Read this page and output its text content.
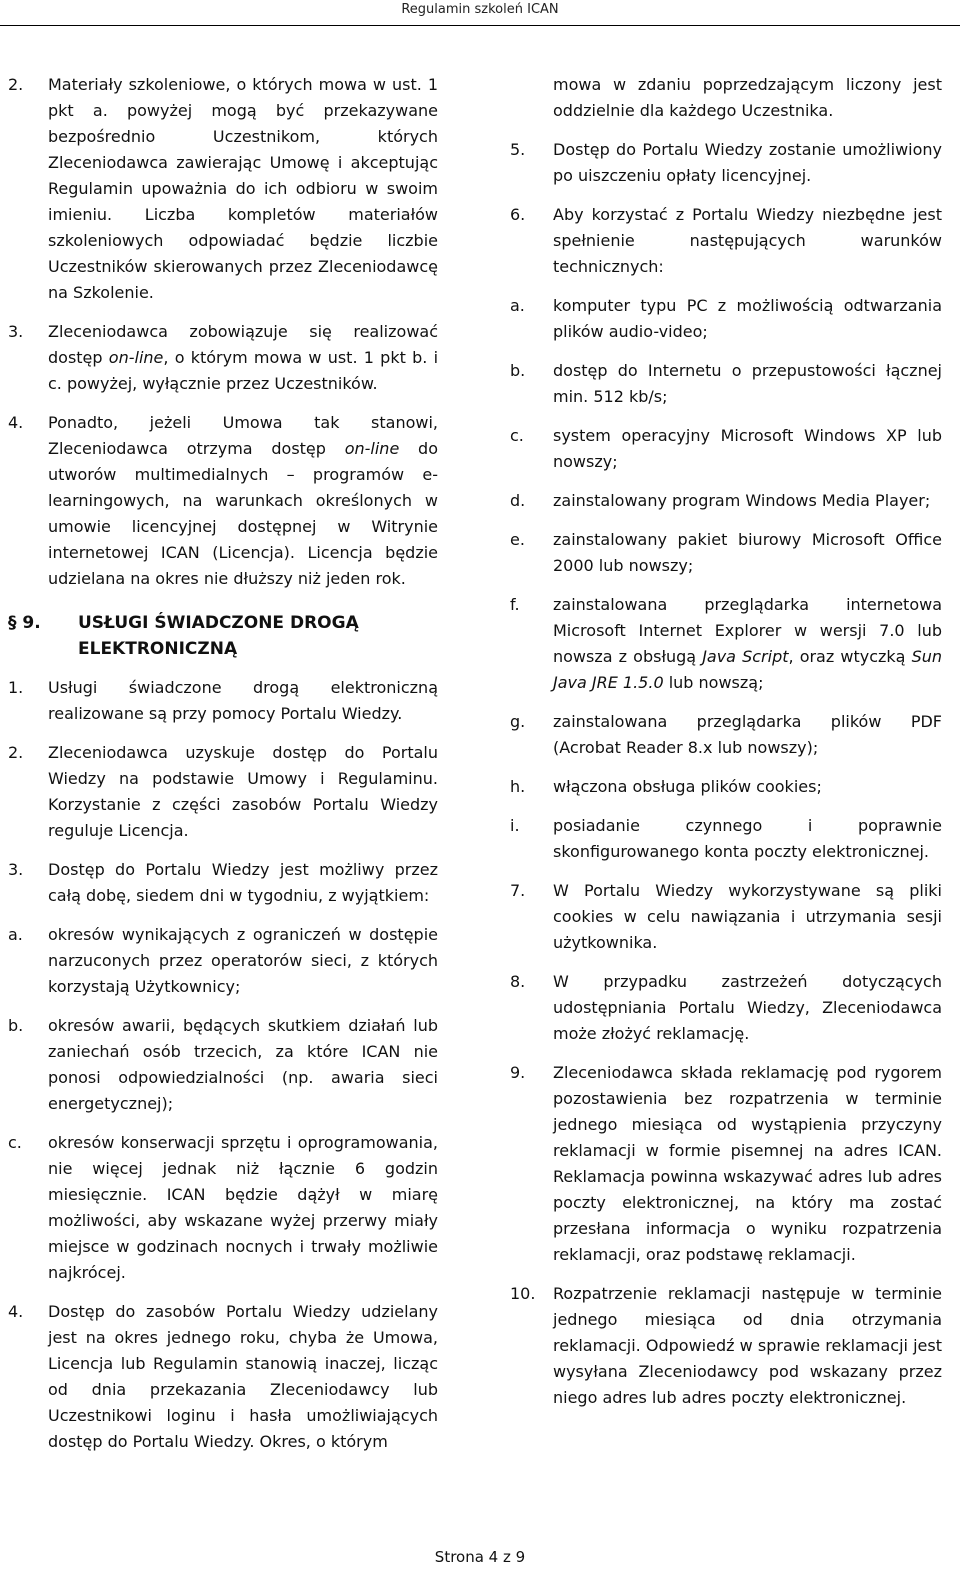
Regulamin szkoleń ICAN
2. Materiały szkoleniowe, o których mowa w ust. 1 pkt a. powyżej mogą być przekazywane bezpośrednio Uczestnikom, których Zleceniodawca zawierając Umowę i akceptując Regulamin upoważnia do ich odbioru w swoim imieniu. Liczba kompletów materiałów szkoleniowych odpowiadać będzie liczbie Uczestników skierowanych przez Zleceniodawcę na Szkolenie.
3. Zleceniodawca zobowiązuje się realizować dostęp on-line, o którym mowa w ust. 1 pkt b. i c. powyżej, wyłącznie przez Uczestników.
4. Ponadto, jeżeli Umowa tak stanowi, Zleceniodawca otrzyma dostęp on-line do utworów multimedialnych – programów e-learningowych, na warunkach określonych w umowie licencyjnej dostępnej w Witrynie internetowej ICAN (Licencja). Licencja będzie udzielana na okres nie dłuższy niż jeden rok.
§ 9. USŁUGI ŚWIADCZONE DROGĄ ELEKTRONICZNĄ
1. Usługi świadczone drogą elektroniczną realizowane są przy pomocy Portalu Wiedzy.
2. Zleceniodawca uzyskuje dostęp do Portalu Wiedzy na podstawie Umowy i Regulaminu. Korzystanie z części zasobów Portalu Wiedzy reguluje Licencja.
3. Dostęp do Portalu Wiedzy jest możliwy przez całą dobę, siedem dni w tygodniu, z wyjątkiem:
a. okresów wynikających z ograniczeń w dostępie narzuconych przez operatorów sieci, z których korzystają Użytkownicy;
b. okresów awarii, będących skutkiem działań lub zaniechań osób trzecich, za które ICAN nie ponosi odpowiedzialności (np. awaria sieci energetycznej);
c. okresów konserwacji sprzętu i oprogramowania, nie więcej jednak niż łącznie 6 godzin miesięcznie. ICAN będzie dążył w miarę możliwości, aby wskazane wyżej przerwy miały miejsce w godzinach nocnych i trwały możliwie najkrócej.
4. Dostęp do zasobów Portalu Wiedzy udzielany jest na okres jednego roku, chyba że Umowa, Licencja lub Regulamin stanowią inaczej, licząc od dnia przekazania Zleceniodawcy lub Uczestnikowi loginu i hasła umożliwiających dostęp do Portalu Wiedzy. Okres, o którym
mowa w zdaniu poprzedzającym liczony jest oddzielnie dla każdego Uczestnika.
5. Dostęp do Portalu Wiedzy zostanie umożliwiony po uiszczeniu opłaty licencyjnej.
6. Aby korzystać z Portalu Wiedzy niezbędne jest spełnienie następujących warunków technicznych:
a. komputer typu PC z możliwością odtwarzania plików audio-video;
b. dostęp do Internetu o przepustowości łącznej min. 512 kb/s;
c. system operacyjny Microsoft Windows XP lub nowszy;
d. zainstalowany program Windows Media Player;
e. zainstalowany pakiet biurowy Microsoft Office 2000 lub nowszy;
f. zainstalowana przeglądarka internetowa Microsoft Internet Explorer w wersji 7.0 lub nowsza z obsługą Java Script, oraz wtyczką Sun Java JRE 1.5.0 lub nowszą;
g. zainstalowana przeglądarka plików PDF (Acrobat Reader 8.x lub nowszy);
h. włączona obsługa plików cookies;
i. posiadanie czynnego i poprawnie skonfigurowanego konta poczty elektronicznej.
7. W Portalu Wiedzy wykorzystywane są pliki cookies w celu nawiązania i utrzymania sesji użytkownika.
8. W przypadku zastrzeżeń dotyczących udostępniania Portalu Wiedzy, Zleceniodawca może złożyć reklamację.
9. Zleceniodawca składa reklamację pod rygorem pozostawienia bez rozpatrzenia w terminie jednego miesiąca od wystąpienia przyczyny reklamacji w formie pisemnej na adres ICAN. Reklamacja powinna wskazywać adres lub adres poczty elektronicznej, na który ma zostać przesłana informacja o wyniku rozpatrzenia reklamacji, oraz podstawę reklamacji.
10. Rozpatrzenie reklamacji następuje w terminie jednego miesiąca od dnia otrzymania reklamacji. Odpowiedź w sprawie reklamacji jest wysyłana Zleceniodawcy pod wskazany przez niego adres lub adres poczty elektronicznej.
Strona 4 z 9
